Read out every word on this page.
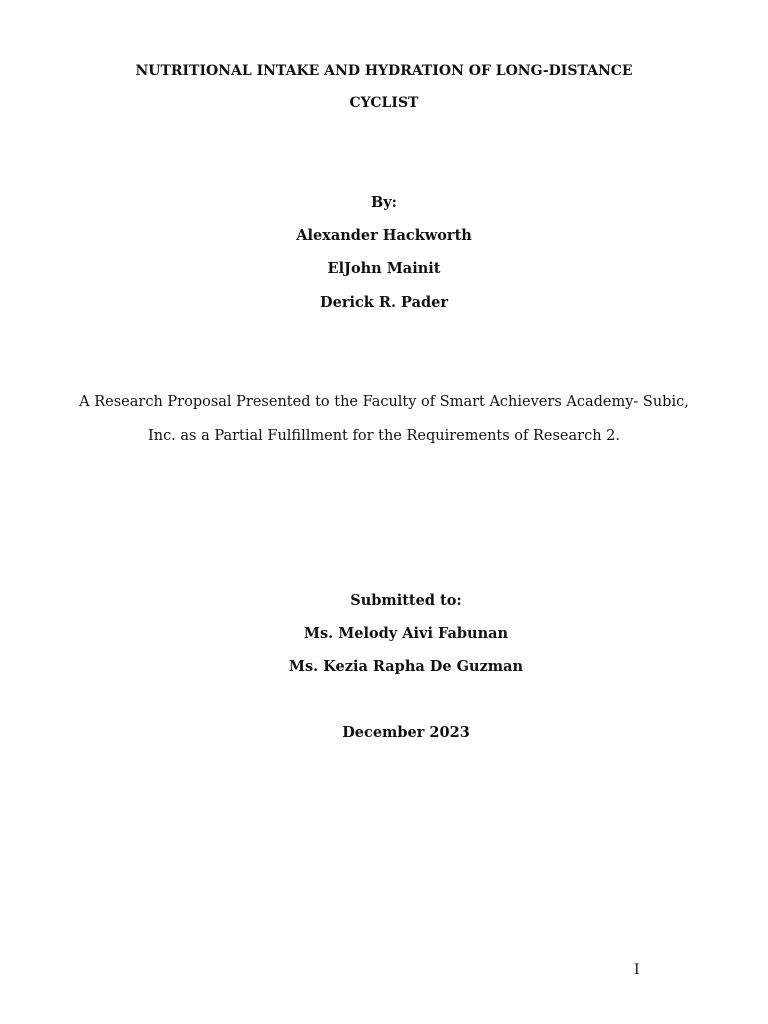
NUTRITIONAL INTAKE AND HYDRATION OF LONG-DISTANCE
CYCLIST
By:
Alexander Hackworth
ElJohn Mainit
Derick R. Pader
A Research Proposal Presented to the Faculty of Smart Achievers Academy- Subic,
Inc. as a Partial Fulfillment for the Requirements of Research 2.
Submitted to:
Ms. Melody Aivi Fabunan
Ms. Kezia Rapha De Guzman
December 2023
I
